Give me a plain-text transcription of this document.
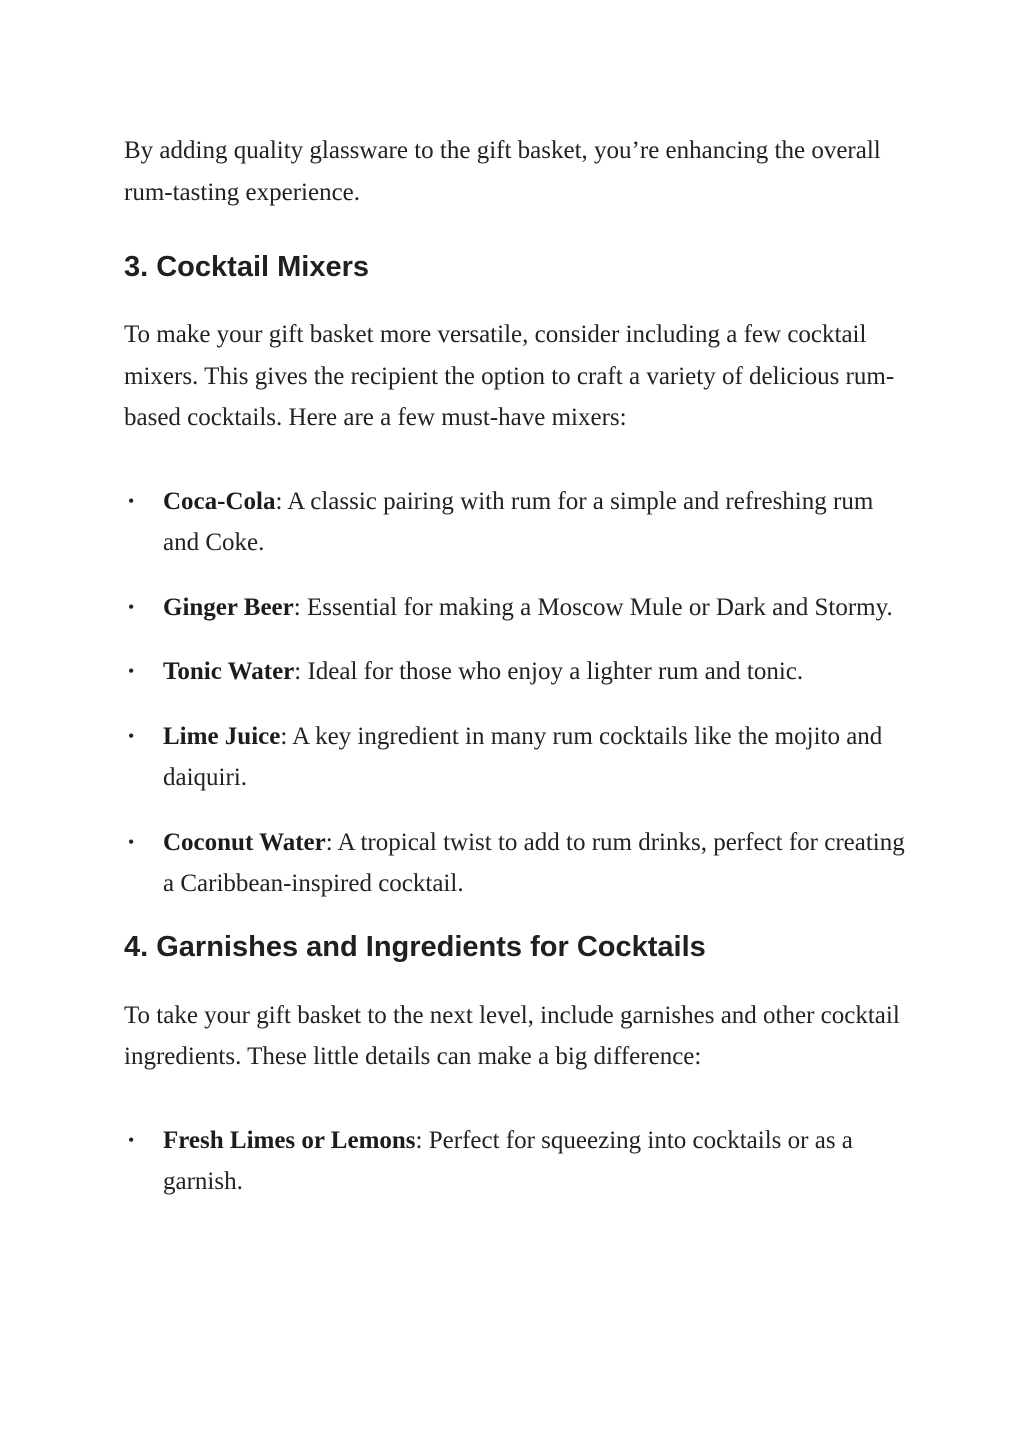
By adding quality glassware to the gift basket, you’re enhancing the overall rum-tasting experience.

3. Cocktail Mixers

To make your gift basket more versatile, consider including a few cocktail mixers. This gives the recipient the option to craft a variety of delicious rum-based cocktails. Here are a few must-have mixers:

• Coca-Cola: A classic pairing with rum for a simple and refreshing rum and Coke.
• Ginger Beer: Essential for making a Moscow Mule or Dark and Stormy.
• Tonic Water: Ideal for those who enjoy a lighter rum and tonic.
• Lime Juice: A key ingredient in many rum cocktails like the mojito and daiquiri.
• Coconut Water: A tropical twist to add to rum drinks, perfect for creating a Caribbean-inspired cocktail.
4. Garnishes and Ingredients for Cocktails

To take your gift basket to the next level, include garnishes and other cocktail ingredients. These little details can make a big difference:

• Fresh Limes or Lemons: Perfect for squeezing into cocktails or as a garnish.
